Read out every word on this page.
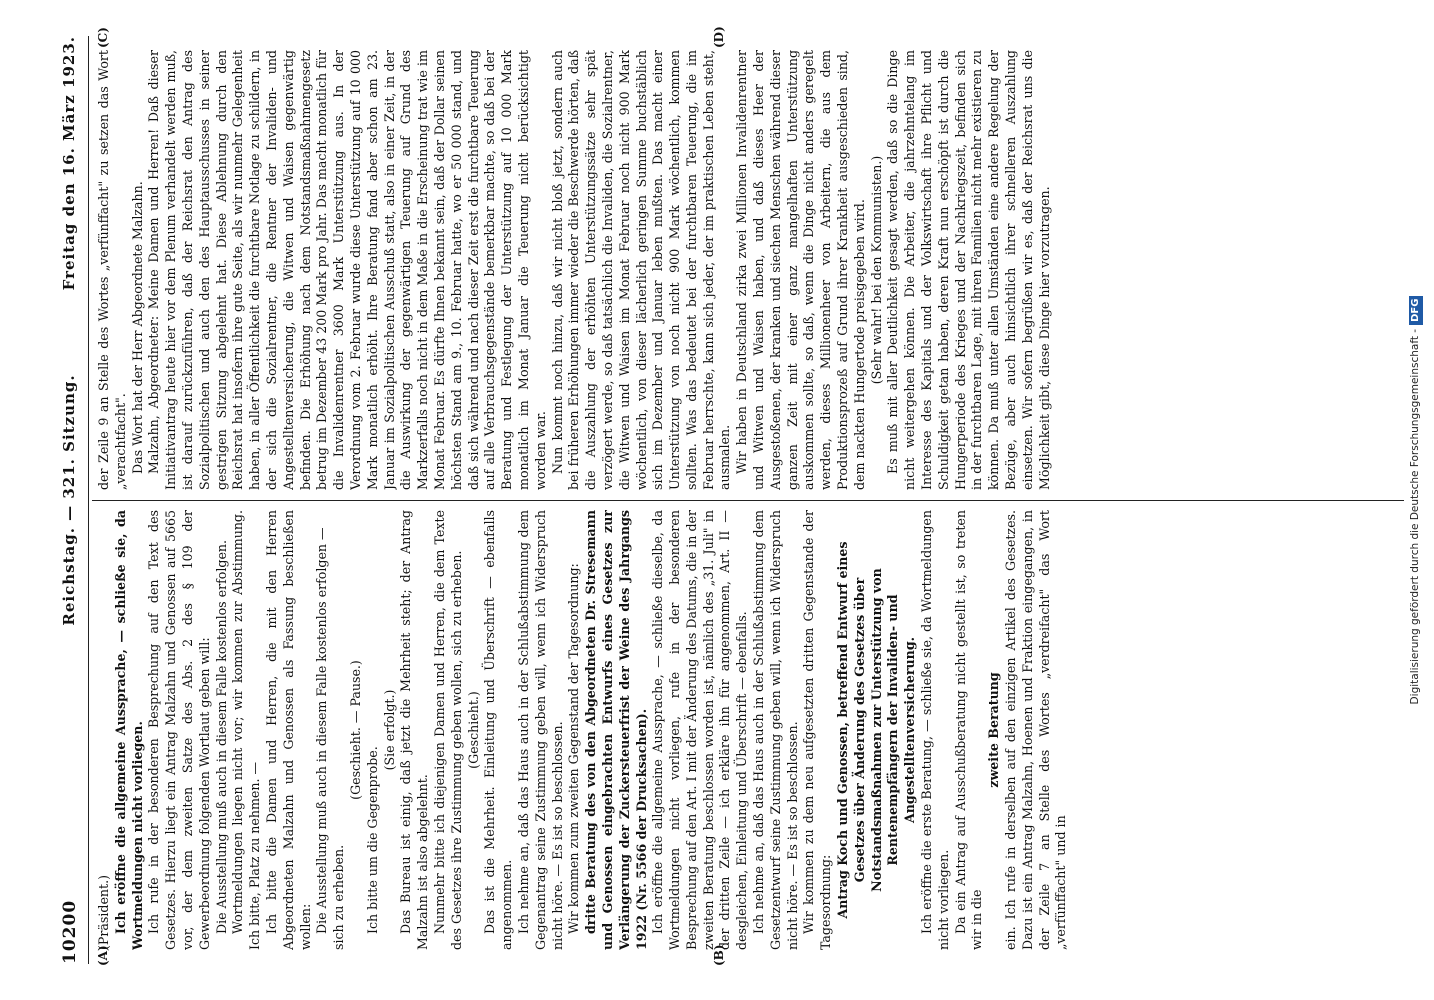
10200
Reichstag. — 321. Sitzung.
Freitag den 16. März 1923.
(A)	(B)
(C)	(D)

(Präsident.) Ich eröffne die allgemeine Aussprache, — schließe sie, da Wortmeldungen nicht vorliegen. Ich rufe in der besonderen Besprechung auf den Text des Gesetzes. Hierzu liegt ein Antrag Malzahn und Genossen auf 5665 vor, der dem zweiten Satze des Abs. 2 des § 109 der Gewerbeordnung folgenden Wortlaut geben will: Die Ausstellung muß auch in diesem Falle kostenlos erfolgen. Wortmeldungen liegen nicht vor; wir kommen zur Abstimmung. Ich bitte, Platz zu nehmen. — Ich bitte die Damen und Herren, die mit den Herren Abgeordneten Malzahn und Genossen als Fassung beschließen wollen: Die Ausstellung muß auch in diesem Falle kostenlos erfolgen — sich zu erheben.

(Geschieht. — Pause.)

Ich bitte um die Gegenprobe.

(Sie erfolgt.) Das Bureau ist einig, daß jetzt die Mehrheit steht; der Antrag Malzahn ist also abgelehnt. Nunmehr bitte ich diejenigen Damen und Herren, die dem Texte des Gesetzes ihre Zustimmung geben wollen, sich zu erheben. (Geschieht.) Das ist die Mehrheit. Einleitung und Überschrift — ebenfalls angenommen. Ich nehme an, daß das Haus auch in der Schlußabstimmung dem Gegenantrag seine Zustimmung geben will, wenn ich Widerspruch nicht höre. — Es ist so beschlossen. Wir kommen zum zweiten Gegenstand der Tagesordnung: dritte Beratung des von den Abgeordneten Dr. Stresemann und Genossen eingebrachten Entwurfs eines Gesetzes zur Verlängerung der Zuckersteuerfrist der Weine des Jahrgangs 1922 (Nr. 5566 der Drucksachen). Ich eröffne die allgemeine Aussprache, — schließe dieselbe, da Wortmeldungen nicht vorliegen, rufe in der besonderen Besprechung auf den Art. I mit der Änderung des Datums, die in der zweiten Beratung beschlossen worden ist, nämlich des „31. Juli" in der dritten Zeile — ich erkläre ihn für angenommen, Art. II — desgleichen, Einleitung und Überschrift — ebenfalls. Ich nehme an, daß das Haus auch in der Schlußabstimmung dem Gesetzentwurf seine Zustimmung geben will, wenn ich Widerspruch nicht höre. — Es ist so beschlossen. Wir kommen zu dem neu aufgesetzten dritten Gegenstande der Tagesordnung: Antrag Koch und Genossen, betreffend Entwurf eines Gesetzes über Änderung des Gesetzes über Notstandsmaßnahmen zur Unterstützung von Rentenempfängern der Invaliden- und Angestelltenversicherung. Ich eröffne die erste Beratung, — schließe sie, da Wortmeldungen nicht vorliegen. Da ein Antrag auf Ausschußberatung nicht gestellt ist, so treten wir in die

zweite Beratung ein. Ich rufe in derselben auf den einzigen Artikel des Gesetzes. Dazu ist ein Antrag Malzahn, Hoenen und Fraktion eingegangen, in der Zeile 7 an Stelle des Wortes „verdreifacht" das Wort „verfünffacht" und in

der Zeile 9 an Stelle des Wortes „verfünffacht" zu setzen das Wort „verachtfacht". Das Wort hat der Herr Abgeordnete Malzahn. Malzahn, Abgeordneter: Meine Damen und Herren! Daß dieser Initiativantrag heute hier vor dem Plenum verhandelt werden muß, ist darauf zurückzuführen, daß der Reichsrat den Antrag des Sozialpolitischen und auch den des Hauptausschusses in seiner gestrigen Sitzung abgelehnt hat. Diese Ablehnung durch den Reichsrat hat insofern ihre gute Seite, als wir nunmehr Gelegenheit haben, in aller Öffentlichkeit die furchtbare Notlage zu schildern, in der sich die Sozialrentner, die Rentner der Invaliden- und Angestelltenversicherung, die Witwen und Waisen gegenwärtig befinden. Die Erhöhung nach dem Notstandsmaßnahmengesetz betrug im Dezember 43 200 Mark pro Jahr. Das macht monatlich für die Invalidenrentner 3600 Mark Unterstützung aus. In der Verordnung vom 2. Februar wurde diese Unterstützung auf 10 000 Mark monatlich erhöht. Ihre Beratung fand aber schon am 23. Januar im Sozialpolitischen Ausschuß statt, also in einer Zeit, in der die Auswirkung der gegenwärtigen Teuerung auf Grund des Markzerfalls noch nicht in dem Maße in die Erscheinung trat wie im Monat Februar. Es dürfte Ihnen bekannt sein, daß der Dollar seinen höchsten Stand am 9., 10. Februar hatte, wo er 50 000 stand, und daß sich während und nach dieser Zeit erst die furchtbare Teuerung auf alle Verbrauchsgegenstände bemerkbar machte, so daß bei der Beratung und Festlegung der Unterstützung auf 10 000 Mark monatlich im Monat Januar die Teuerung nicht berücksichtigt worden war. Nun kommt noch hinzu, daß wir nicht bloß jetzt, sondern auch bei früheren Erhöhungen immer wieder die Beschwerde hörten, daß die Auszahlung der erhöhten Unterstützungssätze sehr spät verzögert werde, so daß tatsächlich die Invaliden, die Sozialrentner, die Witwen und Waisen im Monat Februar noch nicht 900 Mark wöchentlich, von dieser lächerlich geringen Summe buchstäblich sich im Dezember und Januar leben mußten. Das macht einer Unterstützung von noch nicht 900 Mark wöchentlich, kommen sollten. Was das bedeutet bei der furchtbaren Teuerung, die im Februar herrschte, kann sich jeder, der im praktischen Leben steht, ausmalen. Wir haben in Deutschland zirka zwei Millionen Invalidenrentner und Witwen und Waisen haben, und daß dieses Heer der Ausgestoßenen, der kranken und siechen Menschen während dieser ganzen Zeit mit einer ganz mangelhaften Unterstützung auskommen sollte, so daß, wenn die Dinge nicht anders geregelt werden, dieses Millionenheer von Arbeitern, die aus dem Produktionsprozeß auf Grund ihrer Krankheit ausgeschieden sind, dem nackten Hungertode preisgegeben wird. (Sehr wahr! bei den Kommunisten.) Es muß mit aller Deutlichkeit gesagt werden, daß so die Dinge nicht weitergehen können. Die Arbeiter, die jahrzehntelang im Interesse des Kapitals und der Volkswirtschaft ihre Pflicht und Schuldigkeit getan haben, deren Kraft nun erschöpft ist durch die Hungerperiode des Krieges und der Nachkriegszeit, befinden sich in der furchtbaren Lage, mit ihren Familien nicht mehr existieren zu können. Da muß unter allen Umständen eine andere Regelung der Bezüge, aber auch hinsichtlich ihrer schnelleren Auszahlung einsetzen. Wir sofern begrüßen wir es, daß der Reichsrat uns die Möglichkeit gibt, diese Dinge hier vorzutragen.	Digitalisierung gefördert durch die Deutsche Forschungsgemeinschaft -DFG
